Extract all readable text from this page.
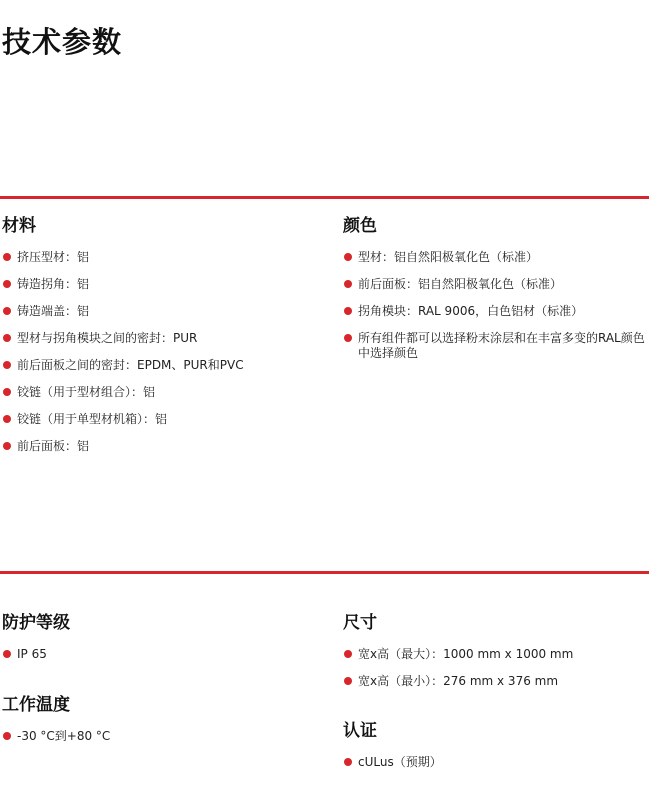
技术参数
材料
挤压型材：铝
铸造拐角：铝
铸造端盖：铝
型材与拐角模块之间的密封：PUR
前后面板之间的密封：EPDM、PUR和PVC
铰链（用于型材组合）：铝
铰链（用于单型材机箱）：铝
前后面板：铝
颜色
型材：铝自然阳极氧化色（标准）
前后面板：铝自然阳极氧化色（标准）
拐角模块：RAL 9006，白色铝材（标准）
所有组件都可以选择粉末涂层和在丰富多变的RAL颜色中选择颜色
防护等级
IP 65
工作温度
-30 °C到+80 °C
尺寸
宽x高（最大）：1000 mm x 1000 mm
宽x高（最小）：276 mm x 376 mm
认证
cULus（预期）
